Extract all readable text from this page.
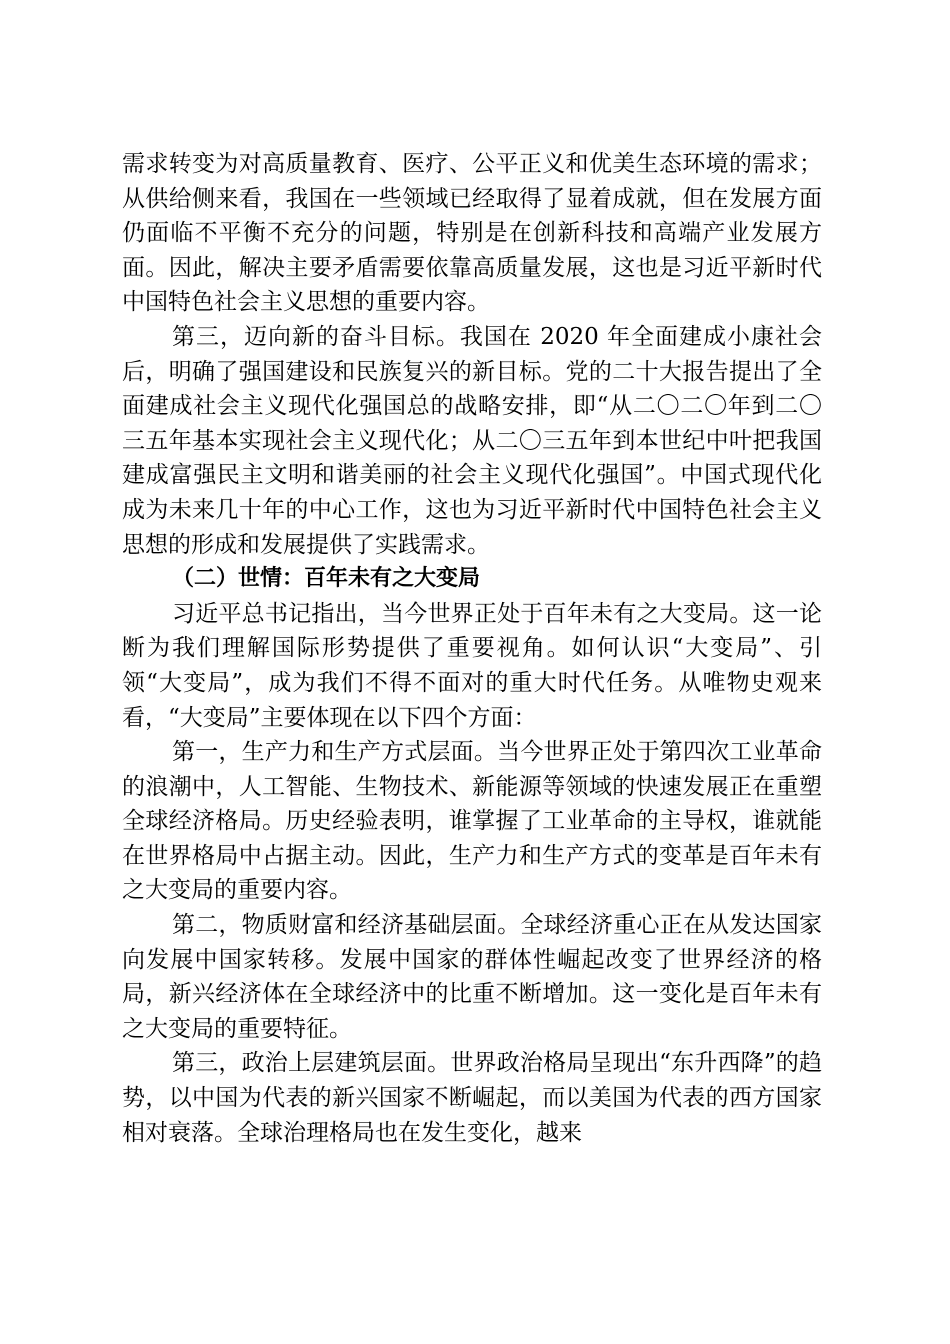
需求转变为对高质量教育、医疗、公平正义和优美生态环境的需求；从供给侧来看，我国在一些领域已经取得了显着成就，但在发展方面仍面临不平衡不充分的问题，特别是在创新科技和高端产业发展方面。因此，解决主要矛盾需要依靠高质量发展，这也是习近平新时代中国特色社会主义思想的重要内容。

第三，迈向新的奋斗目标。我国在 2020 年全面建成小康社会后，明确了强国建设和民族复兴的新目标。党的二十大报告提出了全面建成社会主义现代化强国总的战略安排，即“从二〇二〇年到二〇三五年基本实现社会主义现代化；从二〇三五年到本世纪中叶把我国建成富强民主文明和谐美丽的社会主义现代化强国”。中国式现代化成为未来几十年的中心工作，这也为习近平新时代中国特色社会主义思想的形成和发展提供了实践需求。

（二）世情：百年未有之大变局

习近平总书记指出，当今世界正处于百年未有之大变局。这一论断为我们理解国际形势提供了重要视角。如何认识“大变局”、引领“大变局”，成为我们不得不面对的重大时代任务。从唯物史观来看，“大变局”主要体现在以下四个方面：

第一，生产力和生产方式层面。当今世界正处于第四次工业革命的浪潮中，人工智能、生物技术、新能源等领域的快速发展正在重塑全球经济格局。历史经验表明，谁掌握了工业革命的主导权，谁就能在世界格局中占据主动。因此，生产力和生产方式的变革是百年未有之大变局的重要内容。

第二，物质财富和经济基础层面。全球经济重心正在从发达国家向发展中国家转移。发展中国家的群体性崛起改变了世界经济的格局，新兴经济体在全球经济中的比重不断增加。这一变化是百年未有之大变局的重要特征。

第三，政治上层建筑层面。世界政治格局呈现出“东升西降”的趋势，以中国为代表的新兴国家不断崛起，而以美国为代表的西方国家相对衰落。全球治理格局也在发生变化，越来
